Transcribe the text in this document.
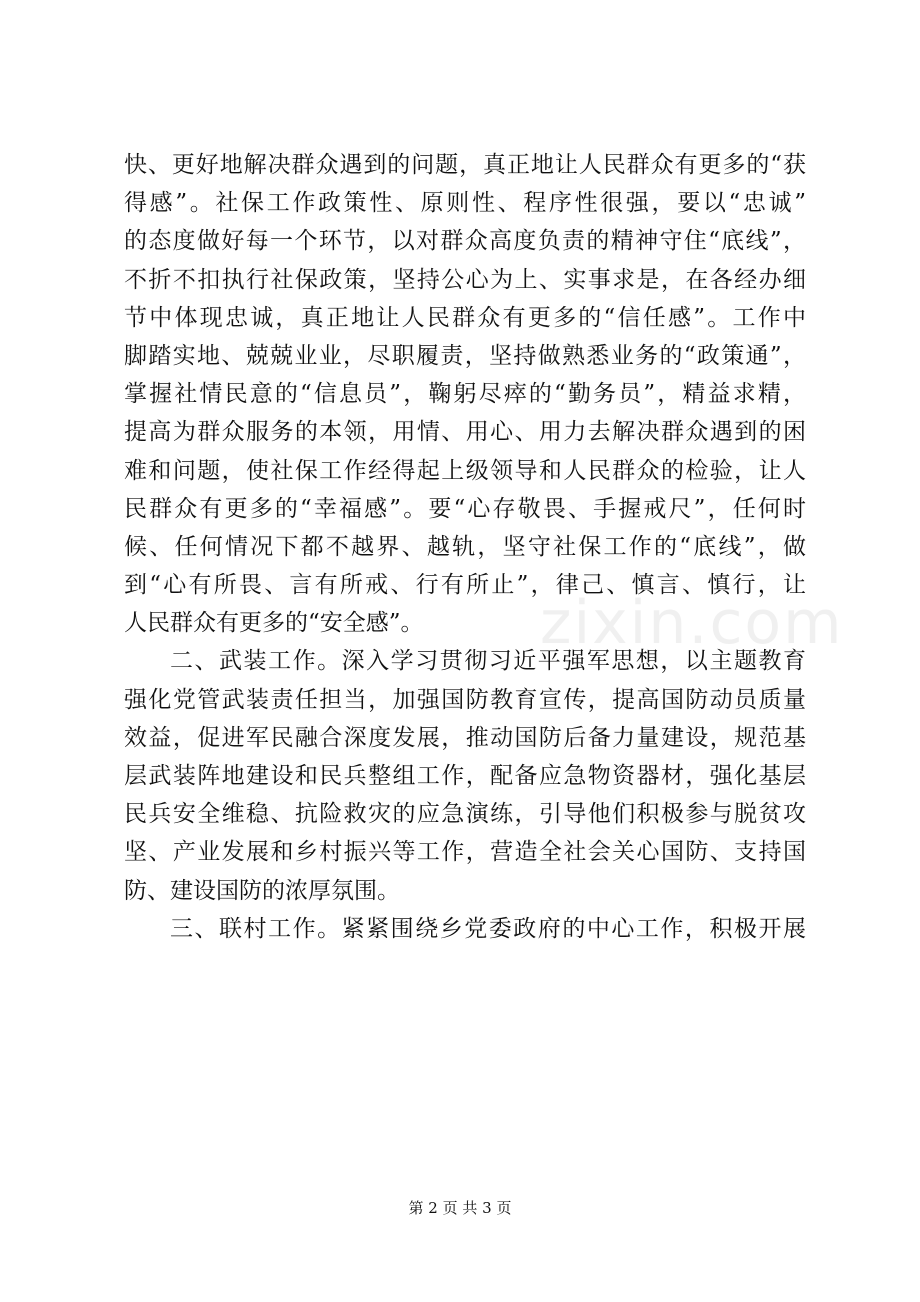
zixin.com

快、更好地解决群众遇到的问题，真正地让人民群众有更多的“获
得感”。社保工作政策性、原则性、程序性很强，要以“忠诚”
的态度做好每一个环节，以对群众高度负责的精神守住“底线”，
不折不扣执行社保政策，坚持公心为上、实事求是，在各经办细
节中体现忠诚，真正地让人民群众有更多的“信任感”。工作中
脚踏实地、兢兢业业，尽职履责，坚持做熟悉业务的“政策通”，
掌握社情民意的“信息员”，鞠躬尽瘁的“勤务员”，精益求精，
提高为群众服务的本领，用情、用心、用力去解决群众遇到的困
难和问题，使社保工作经得起上级领导和人民群众的检验，让人
民群众有更多的“幸福感”。要“心存敬畏、手握戒尺”，任何时
候、任何情况下都不越界、越轨，坚守社保工作的“底线”，做
到“心有所畏、言有所戒、行有所止”，律己、慎言、慎行，让
人民群众有更多的“安全感”。

二、武装工作。深入学习贯彻习近平强军思想，以主题教育
强化党管武装责任担当，加强国防教育宣传，提高国防动员质量
效益，促进军民融合深度发展，推动国防后备力量建设，规范基
层武装阵地建设和民兵整组工作，配备应急物资器材，强化基层
民兵安全维稳、抗险救灾的应急演练，引导他们积极参与脱贫攻
坚、产业发展和乡村振兴等工作，营造全社会关心国防、支持国
防、建设国防的浓厚氛围。

三、联村工作。紧紧围绕乡党委政府的中心工作，积极开展

第 2 页 共 3 页
